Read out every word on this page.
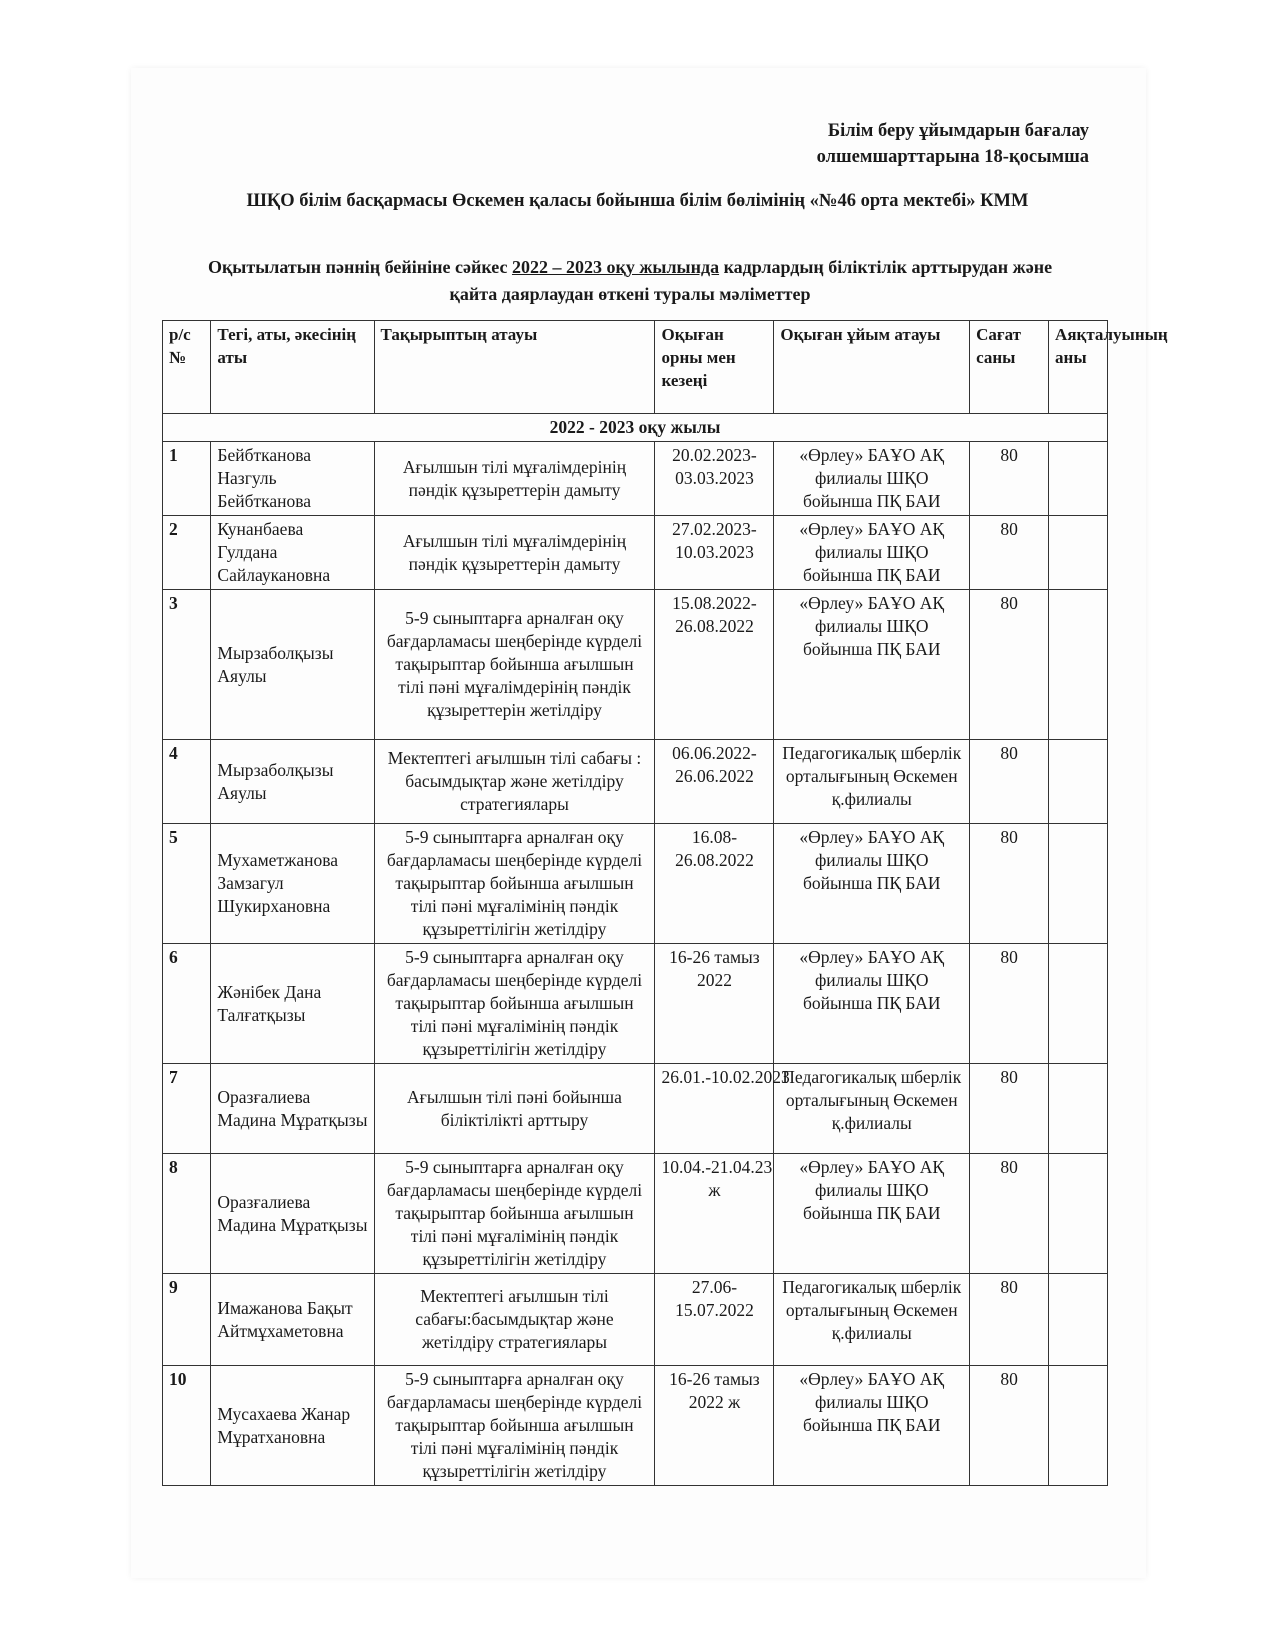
Білім беру ұйымдарын бағалау
олшемшарттарына 18-қосымша
ШҚО білім басқармасы Өскемен қаласы бойынша білім бөлімінің «№46 орта мектебі» КММ
Оқытылатын пәннің бейініне сәйкес 2022 – 2023 оқу жылында кадрлардың біліктілік арттырудан және
қайта даярлаудан өткені туралы мәліметтер
р/с №	Тегі, аты, әкесінің аты	Тақырыптың атауы	Оқыған орны мен кезеңі	Оқыған ұйым атауы	Сағат саны	Аяқталуының аны
2022 - 2023 оқу жылы						
1	Бейбтканова Назгуль Бейбтканова	Ағылшын тілі мұғалімдерінің пәндік құзыреттерін дамыту	20.02.2023-03.03.2023	«Өрлеу» БАҰО АҚ филиалы ШҚО бойынша ПҚ БАИ	80	
2	Кунанбаева Гулдана Сайлауканoвна	Ағылшын тілі мұғалімдерінің пәндік құзыреттерін дамыту	27.02.2023-10.03.2023	«Өрлеу» БАҰО АҚ филиалы ШҚО бойынша ПҚ БАИ	80	
3	Мырзаболқызы Аяулы	5-9 сыныптарға арналған оқу бағдарламасы шеңберінде күрделі тақырыптар бойынша ағылшын тілі пәні мұғалімдерінің пәндік құзыреттерін жетілдіру	15.08.2022-26.08.2022	«Өрлеу» БАҰО АҚ филиалы ШҚО бойынша ПҚ БАИ	80	
4	Мырзаболқызы Аяулы	Мектептегі ағылшын тілі сабағы : басымдықтар және жетілдіру стратегиялары	06.06.2022-26.06.2022	Педагогикалық шберлік орталығының Өскемен қ.филиалы	80	
5	Мухаметжанова Замзагул Шукирхановна	5-9 сыныптарға арналған оқу бағдарламасы шеңберінде күрделі тақырыптар бойынша ағылшын тілі пәні мұғалімінің пәндік құзыреттілігін жетілдіру	16.08-26.08.2022	«Өрлеу» БАҰО АҚ филиалы ШҚО бойынша ПҚ БАИ	80	
6	Жәнібек Дана Талғатқызы	5-9 сыныптарға арналған оқу бағдарламасы шеңберінде күрделі тақырыптар бойынша ағылшын тілі пәні мұғалімінің пәндік құзыреттілігін жетілдіру	16-26 тамыз 2022	«Өрлеу» БАҰО АҚ филиалы ШҚО бойынша ПҚ БАИ	80	
7	Оразғалиева Мадина Мұратқызы	Ағылшын тілі пәні бойынша біліктілікті арттыру	26.01.-10.02.2023	Педагогикалық шберлік орталығының Өскемен қ.филиалы	80	
8	Оразғалиева Мадина Мұратқызы	5-9 сыныптарға арналған оқу бағдарламасы шеңберінде күрделі тақырыптар бойынша ағылшын тілі пәні мұғалімінің пәндік құзыреттілігін жетілдіру	10.04.-21.04.23 ж	«Өрлеу» БАҰО АҚ филиалы ШҚО бойынша ПҚ БАИ	80	
9	Имажанова Бақыт Айтмұхаметовна	Мектептегі ағылшын тілі сабағы:басымдықтар және жетілдіру стратегиялары	27.06-15.07.2022	Педагогикалық шберлік орталығының Өскемен қ.филиалы	80	
10	Мусахаева Жанар Мұратхановна	5-9 сыныптарға арналған оқу бағдарламасы шеңберінде күрделі тақырыптар бойынша ағылшын тілі пәні мұғалімінің пәндік құзыреттілігін жетілдіру	16-26 тамыз 2022 ж	«Өрлеу» БАҰО АҚ филиалы ШҚО бойынша ПҚ БАИ	80	
